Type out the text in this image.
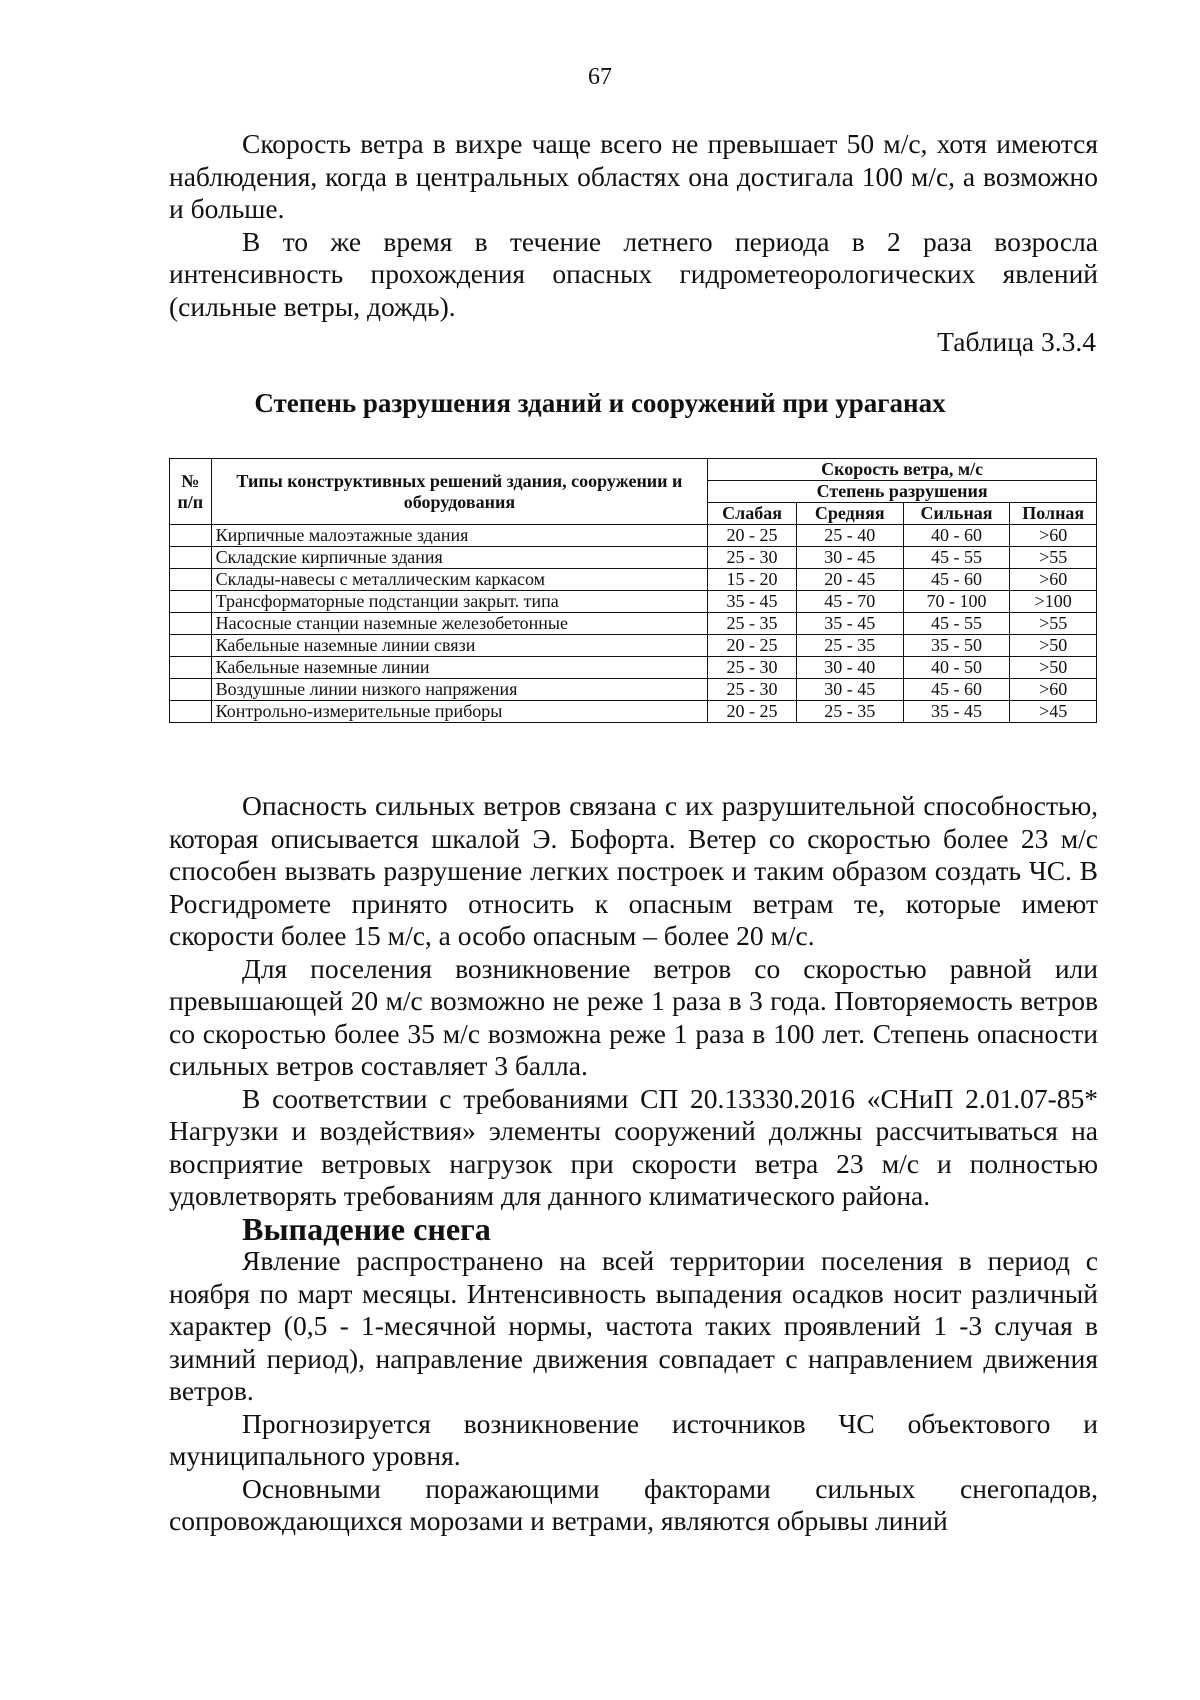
67

Скорость ветра в вихре чаще всего не превышает 50 м/с, хотя имеются наблюдения, когда в центральных областях она достигала 100 м/с, а возможно и больше.

В то же время в течение летнего периода в 2 раза возросла интенсивность прохождения опасных гидрометеорологических явлений (сильные ветры, дождь).

Таблица 3.3.4
Степень разрушения зданий и сооружений при ураганах
№ п/п	Типы конструктивных решений здания, сооружении и оборудования	Скорость ветра, м/с			
		Степень разрушения			
		Слабая	Средняя	Сильная	Полная
	Кирпичные малоэтажные здания	20 - 25	25 - 40	40 - 60	>60
	Складские кирпичные здания	25 - 30	30 - 45	45 - 55	>55
	Склады-навесы с металлическим каркасом	15 - 20	20 - 45	45 - 60	>60
	Трансформаторные подстанции закрыт. типа	35 - 45	45 - 70	70 - 100	>100
	Насосные станции наземные железобетонные	25 - 35	35 - 45	45 - 55	>55
	Кабельные наземные линии связи	20 - 25	25 - 35	35 - 50	>50
	Кабельные наземные линии	25 - 30	30 - 40	40 - 50	>50
	Воздушные линии низкого напряжения	25 - 30	30 - 45	45 - 60	>60
	Контрольно-измерительные приборы	20 - 25	25 - 35	35 - 45	>45

Опасность сильных ветров связана с их разрушительной способностью, которая описывается шкалой Э. Бофорта. Ветер со скоростью более 23 м/с способен вызвать разрушение легких построек и таким образом создать ЧС. В Росгидромете принято относить к опасным ветрам те, которые имеют скорости более 15 м/с, а особо опасным – более 20 м/с.

Для поселения возникновение ветров со скоростью равной или превышающей 20 м/с возможно не реже 1 раза в 3 года. Повторяемость ветров со скоростью более 35 м/с возможна реже 1 раза в 100 лет. Степень опасности сильных ветров составляет 3 балла.

В соответствии с требованиями СП 20.13330.2016 «СНиП 2.01.07-85* Нагрузки и воздействия» элементы сооружений должны рассчитываться на восприятие ветровых нагрузок при скорости ветра 23 м/с и полностью удовлетворять требованиям для данного климатического района.

Выпадение снега

Явление распространено на всей территории поселения в период с ноября по март месяцы. Интенсивность выпадения осадков носит различный характер (0,5 - 1-месячной нормы, частота таких проявлений 1 -3 случая в зимний период), направление движения совпадает с направлением движения ветров.

Прогнозируется возникновение источников ЧС объектового и муниципального уровня.

Основными поражающими факторами сильных снегопадов, сопровождающихся морозами и ветрами, являются обрывы линий
